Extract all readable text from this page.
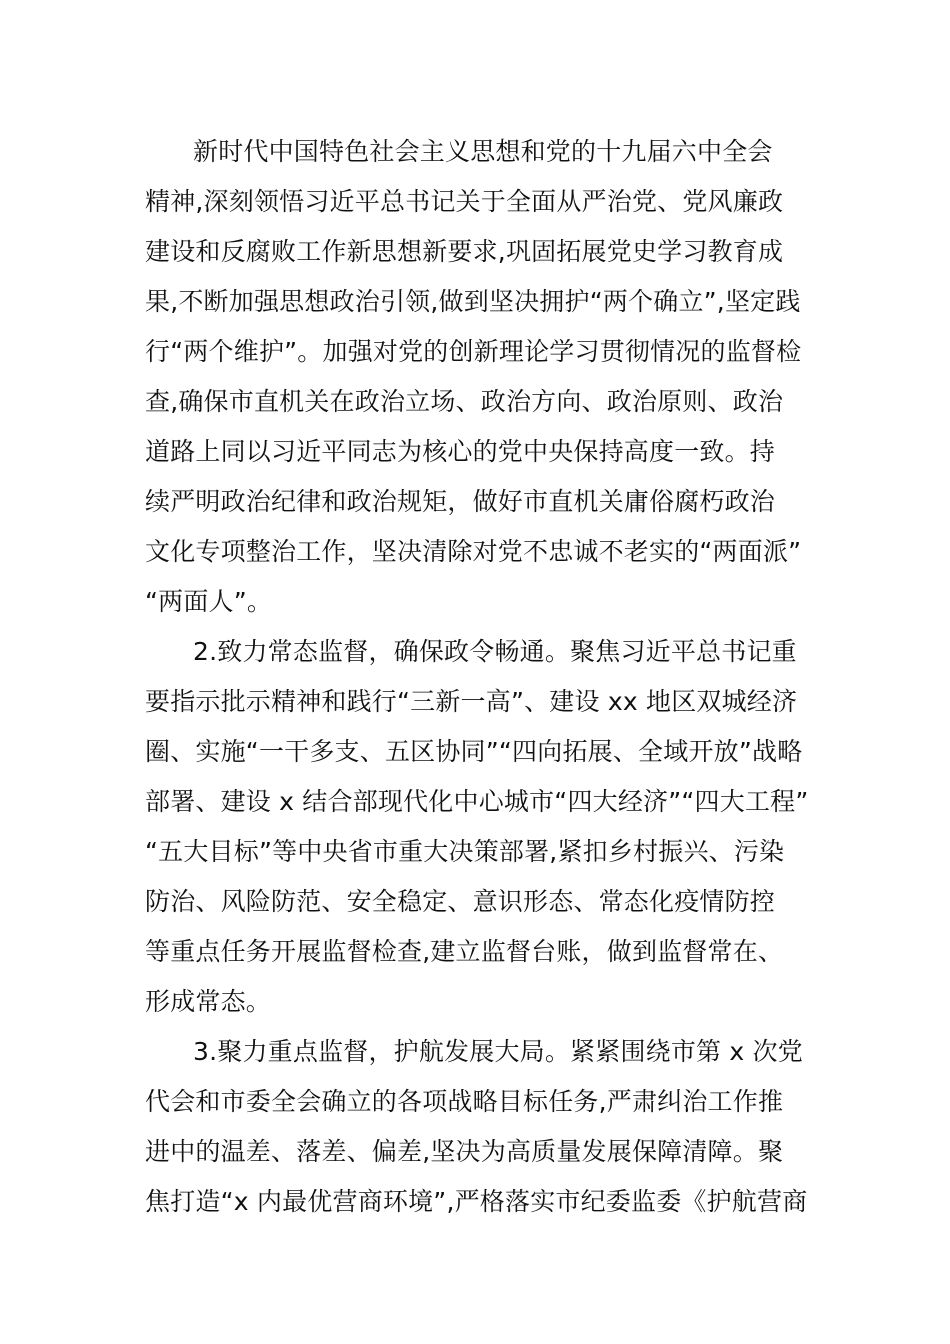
新时代中国特色社会主义思想和党的十九届六中全会
精神,深刻领悟习近平总书记关于全面从严治党、党风廉政
建设和反腐败工作新思想新要求,巩固拓展党史学习教育成
果,不断加强思想政治引领,做到坚决拥护“两个确立”,坚定践
行“两个维护”。加强对党的创新理论学习贯彻情况的监督检
查,确保市直机关在政治立场、政治方向、政治原则、政治
道路上同以习近平同志为核心的党中央保持高度一致。持
续严明政治纪律和政治规矩，做好市直机关庸俗腐朽政治
文化专项整治工作，坚决清除对党不忠诚不老实的“两面派”
“两面人”。
2.致力常态监督，确保政令畅通。聚焦习近平总书记重
要指示批示精神和践行“三新一高”、建设 xx 地区双城经济
圈、实施“一干多支、五区协同”“四向拓展、全域开放”战略
部署、建设 x 结合部现代化中心城市“四大经济”“四大工程”
“五大目标”等中央省市重大决策部署,紧扣乡村振兴、污染
防治、风险防范、安全稳定、意识形态、常态化疫情防控
等重点任务开展监督检查,建立监督台账，做到监督常在、
形成常态。
3.聚力重点监督，护航发展大局。紧紧围绕市第 x 次党
代会和市委全会确立的各项战略目标任务,严肃纠治工作推
进中的温差、落差、偏差,坚决为高质量发展保障清障。聚
焦打造“x 内最优营商环境”,严格落实市纪委监委《护航营商
